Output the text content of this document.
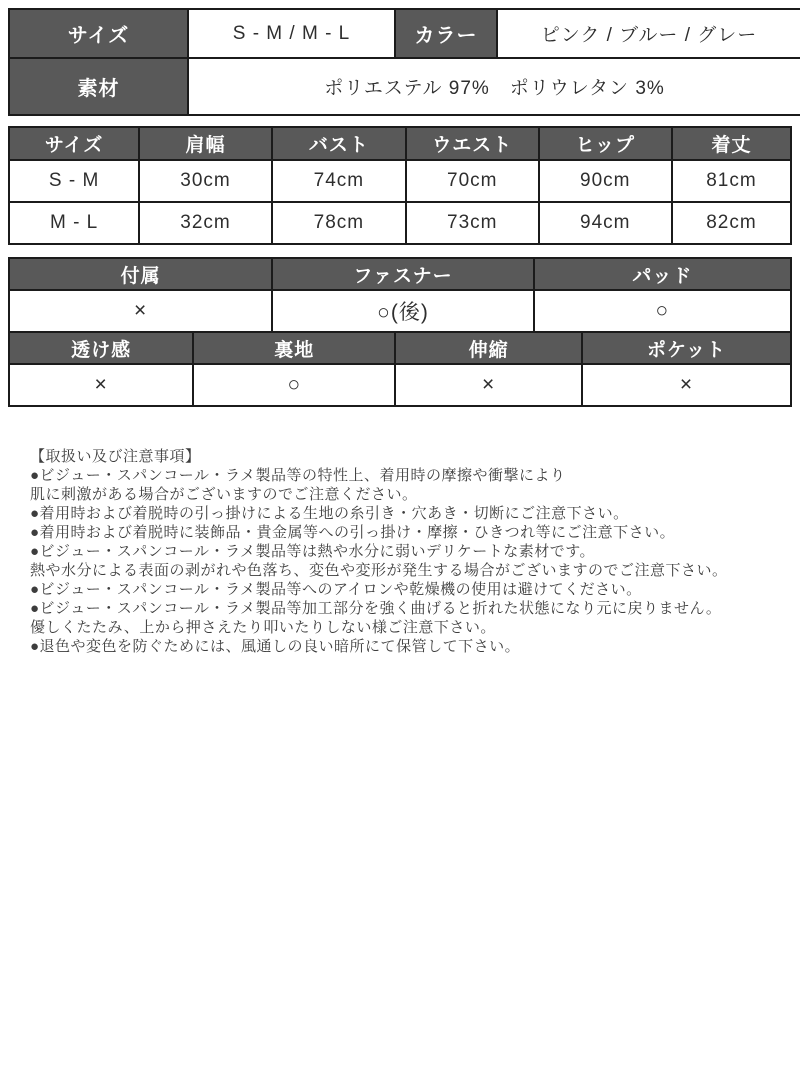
サイズ	S - M / M - L	カラー	ピンク / ブルー / グレー
素材	ポリエステル 97%　ポリウレタン 3%		
サイズ	肩幅	バスト	ウエスト	ヒップ	着丈
S - M	30cm	74cm	70cm	90cm	81cm
M - L	32cm	78cm	73cm	94cm	82cm
付属	ファスナー	パッド
×	○(後)	○
透け感	裏地	伸縮	ポケット
×	○	×	×
【取扱い及び注意事項】
●ビジュー・スパンコール・ラメ製品等の特性上、着用時の摩擦や衝撃により
肌に刺激がある場合がございますのでご注意ください。
●着用時および着脱時の引っ掛けによる生地の糸引き・穴あき・切断にご注意下さい。
●着用時および着脱時に装飾品・貴金属等への引っ掛け・摩擦・ひきつれ等にご注意下さい。
●ビジュー・スパンコール・ラメ製品等は熱や水分に弱いデリケートな素材です。
熱や水分による表面の剥がれや色落ち、変色や変形が発生する場合がございますのでご注意下さい。
●ビジュー・スパンコール・ラメ製品等へのアイロンや乾燥機の使用は避けてください。
●ビジュー・スパンコール・ラメ製品等加工部分を強く曲げると折れた状態になり元に戻りません。
優しくたたみ、上から押さえたり叩いたりしない様ご注意下さい。
●退色や変色を防ぐためには、風通しの良い暗所にて保管して下さい。
